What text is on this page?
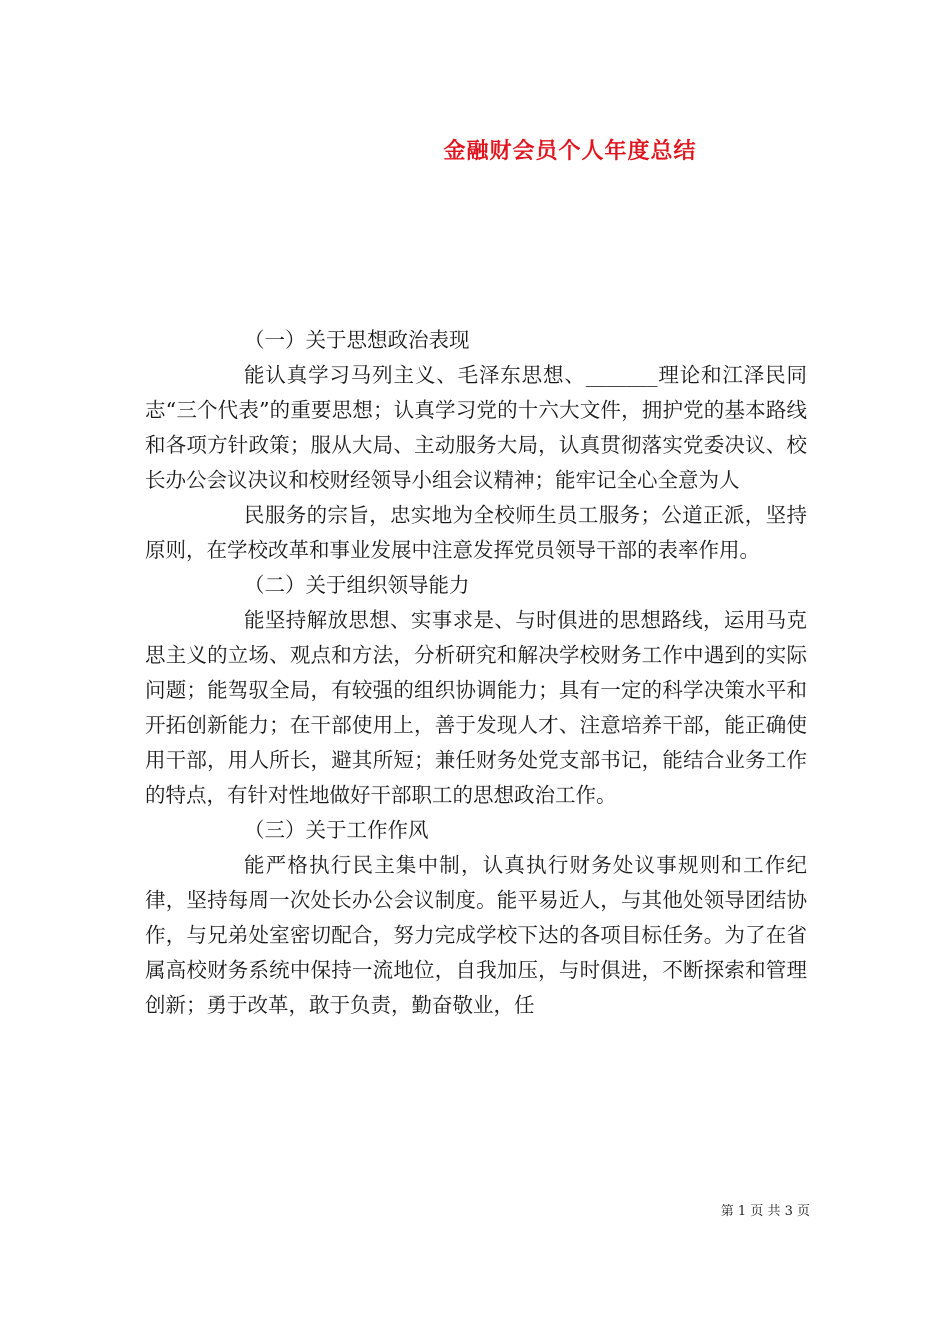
金融财会员个人年度总结

（一）关于思想政治表现

能认真学习马列主义、毛泽东思想、_______理论和江泽民同志“三个代表”的重要思想；认真学习党的十六大文件，拥护党的基本路线和各项方针政策；服从大局、主动服务大局，认真贯彻落实党委决议、校长办公会议决议和校财经领导小组会议精神；能牢记全心全意为人

民服务的宗旨，忠实地为全校师生员工服务；公道正派，坚持原则，在学校改革和事业发展中注意发挥党员领导干部的表率作用。

（二）关于组织领导能力

能坚持解放思想、实事求是、与时俱进的思想路线，运用马克思主义的立场、观点和方法，分析研究和解决学校财务工作中遇到的实际问题；能驾驭全局，有较强的组织协调能力；具有一定的科学决策水平和开拓创新能力；在干部使用上，善于发现人才、注意培养干部，能正确使用干部，用人所长，避其所短；兼任财务处党支部书记，能结合业务工作的特点，有针对性地做好干部职工的思想政治工作。

（三）关于工作作风

能严格执行民主集中制，认真执行财务处议事规则和工作纪律，坚持每周一次处长办公会议制度。能平易近人，与其他处领导团结协作，与兄弟处室密切配合，努力完成学校下达的各项目标任务。为了在省属高校财务系统中保持一流地位，自我加压，与时俱进，不断探索和管理创新；勇于改革，敢于负责，勤奋敬业，任

第 1 页 共 3 页
